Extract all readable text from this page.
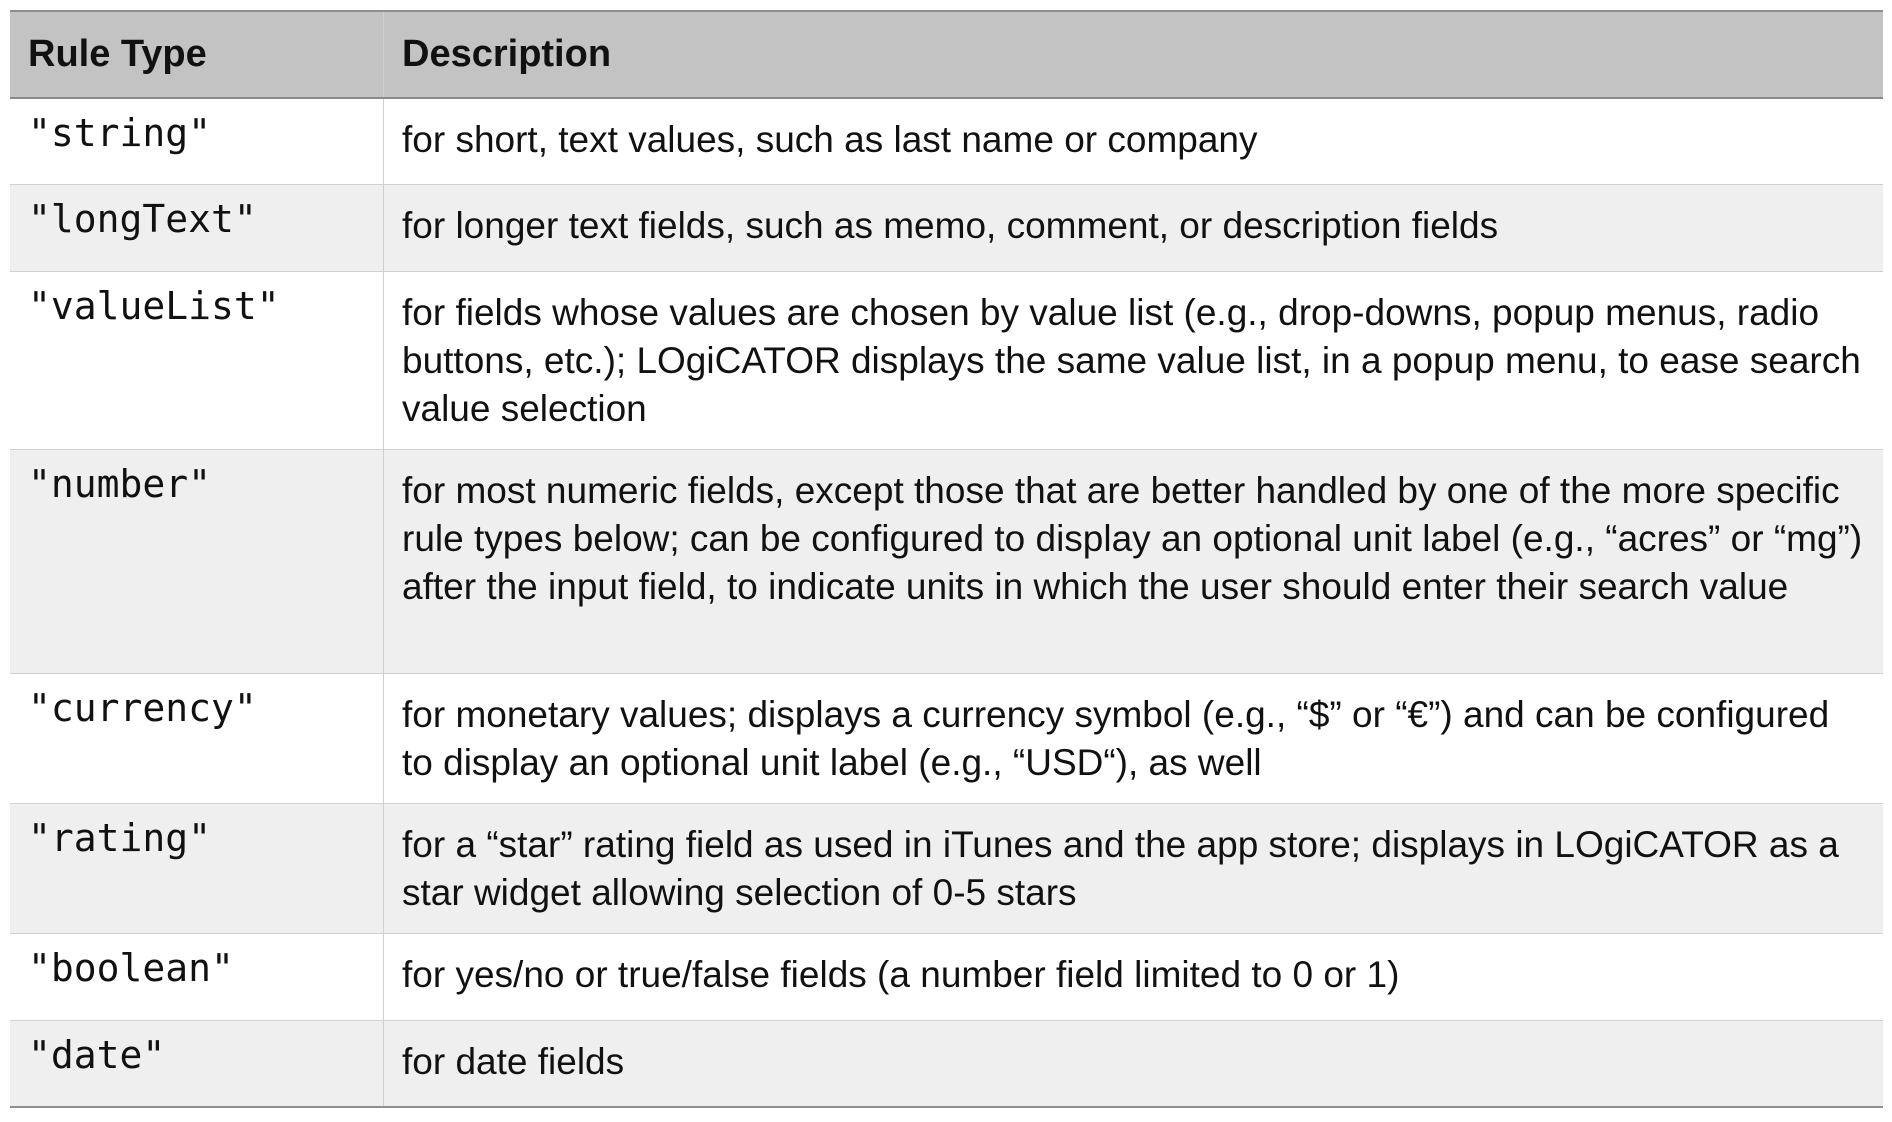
Rule Type	Description
"string"	for short, text values, such as last name or company
"longText"	for longer text fields, such as memo, comment, or description fields
"valueList"	for fields whose values are chosen by value list (e.g., drop-downs, popup menus, radio buttons, etc.); LOgiCATOR displays the same value list, in a popup menu, to ease search value selection
"number"	for most numeric fields, except those that are better handled by one of the more specific rule types below; can be configured to display an optional unit label (e.g., “acres” or “mg”) after the input field, to indicate units in which the user should enter their search value
"currency"	for monetary values; displays a currency symbol (e.g., “$” or “€”) and can be configured to display an optional unit label (e.g., “USD“), as well
"rating"	for a “star” rating field as used in iTunes and the app store; displays in LOgiCATOR as a star widget allowing selection of 0-5 stars
"boolean"	for yes/no or true/false fields (a number field limited to 0 or 1)
"date"	for date fields
